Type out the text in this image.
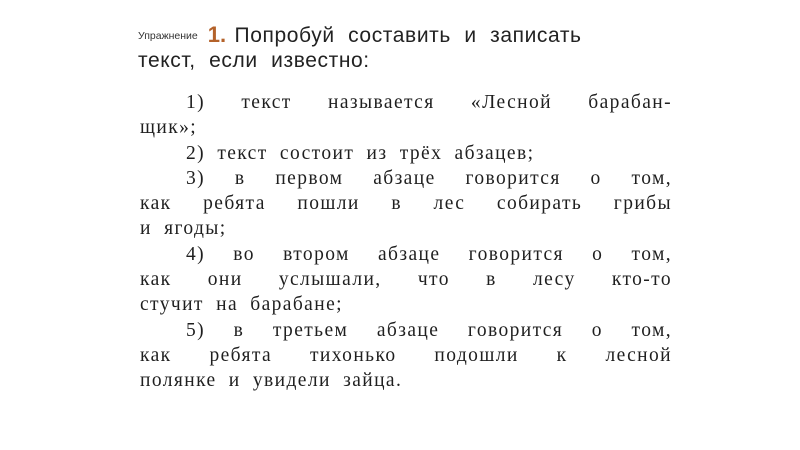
Упражнение 1. Попробуй составить и записать
текст, если известно:
1) текст называется «Лесной барабан-
щик»;
2) текст состоит из трёх абзацев;
3) в первом абзаце говорится о том,
как ребята пошли в лес собирать грибы
и ягоды;
4) во втором абзаце говорится о том,
как они услышали, что в лесу кто-то
стучит на барабане;
5) в третьем абзаце говорится о том,
как ребята тихонько подошли к лесной
полянке и увидели зайца.
